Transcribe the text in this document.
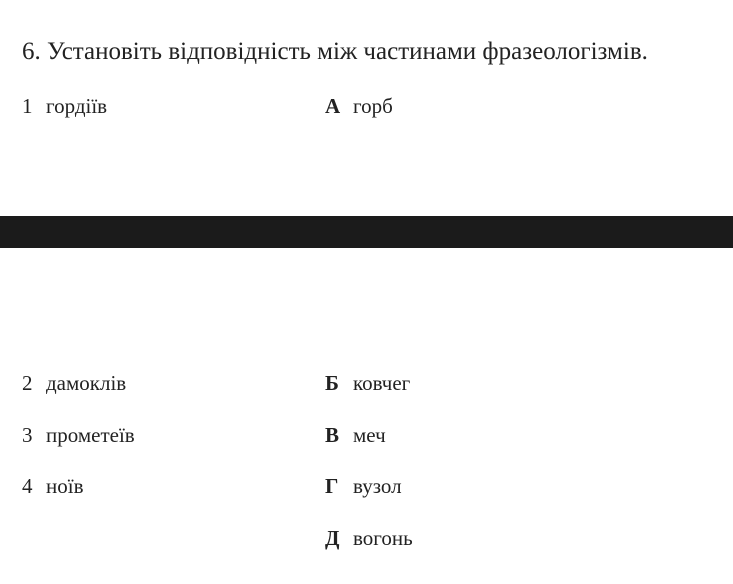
6. Установіть відповідність між частинами фразеологізмів.
1 гордіїв	А горб
2 дамоклів	Б ковчег
3 прометеїв	В меч
4 ноїв	Г вузол
Д вогонь
